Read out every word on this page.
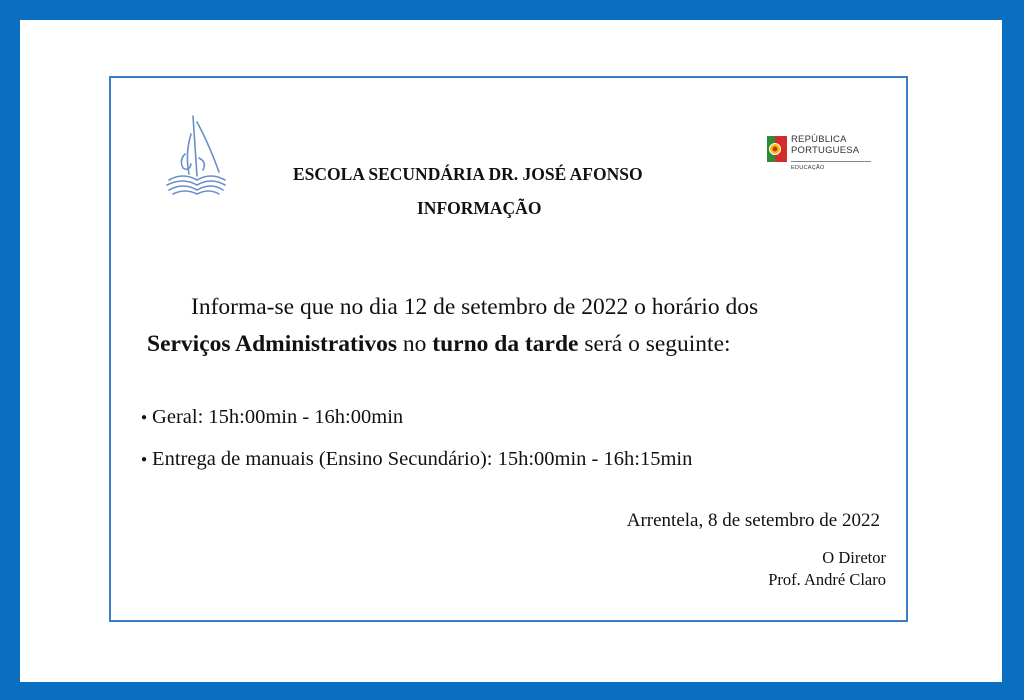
REPÚBLICA
PORTUGUESA
EDUCAÇÃO
ESCOLA SECUNDÁRIA DR. JOSÉ AFONSO
INFORMAÇÃO
Informa-se que no dia 12 de setembro de 2022 o horário dos
Serviços Administrativos no turno da tarde será o seguinte:
● Geral: 15h:00min - 16h:00min
● Entrega de manuais (Ensino Secundário): 15h:00min - 16h:15min
Arrentela, 8 de setembro de 2022
O Diretor
Prof. André Claro
